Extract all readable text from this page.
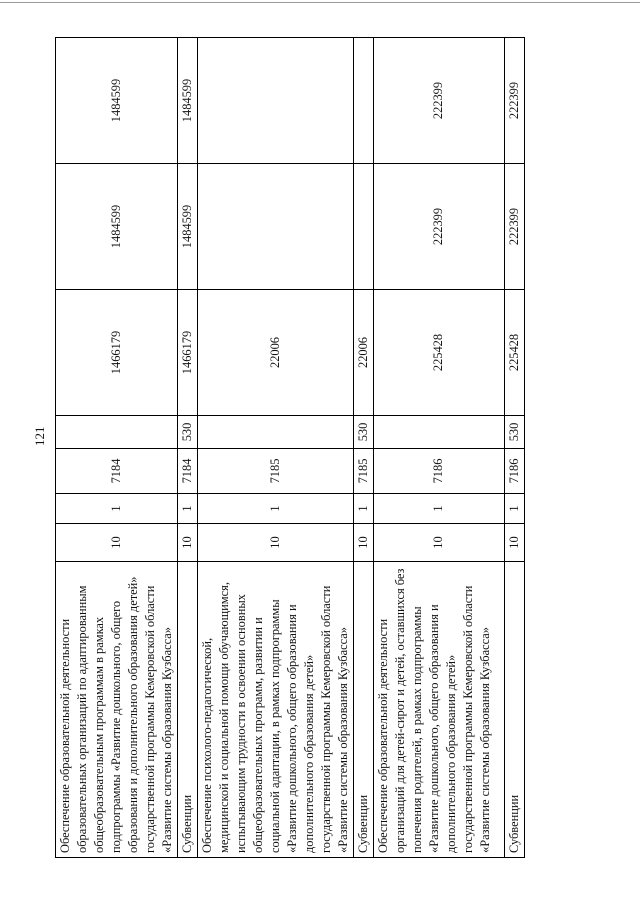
121
Обеспечение образовательной деятельности образовательных организаций по адаптированным общеобразовательным программам в рамках подпрограммы «Развитие дошкольного, общего образования и дополнительного образования детей» государственной программы Кемеровской области «Развитие системы образования Кузбасса»	10	1	7184		1466179	1484599	1484599
Субвенции	10	1	7184	530	1466179	1484599	1484599
Обеспечение психолого-педагогической, медицинской и социальной помощи обучающимся, испытывающим трудности в освоении основных общеобразовательных программ, развитии и социальной адаптации, в рамках подпрограммы «Развитие дошкольного, общего образования и дополнительного образования детей» государственной программы Кемеровской области «Развитие системы образования Кузбасса»	10	1	7185		22006		
Субвенции	10	1	7185	530	22006		
Обеспечение образовательной деятельности организаций для детей-сирот и детей, оставшихся без попечения родителей, в рамках подпрограммы «Развитие дошкольного, общего образования и дополнительного образования детей» государственной программы Кемеровской области «Развитие системы образования Кузбасса»	10	1	7186		225428	222399	222399
Субвенции	10	1	7186	530	225428	222399	222399
